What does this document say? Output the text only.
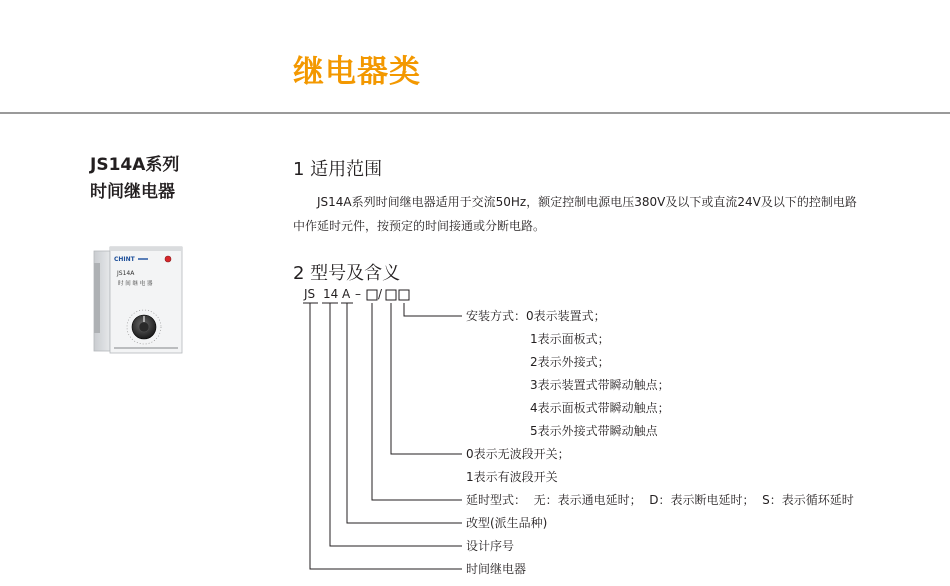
继电器类
JS14A系列
时间继电器
CHINT
JS14A
时 间 继 电 器
1 适用范围
JS14A系列时间继电器适用于交流50Hz，额定控制电源电压380V及以下或直流24V及以下的控制电路
中作延时元件，按预定的时间接通或分断电路。
2 型号及含义
JS 14 A – /
安装方式：0表示装置式；
1表示面板式；
2表示外接式；
3表示装置式带瞬动触点；
4表示面板式带瞬动触点；
5表示外接式带瞬动触点
0表示无波段开关；
1表示有波段开关
延时型式：  无：表示通电延时；  D：表示断电延时；  S：表示循环延时
改型(派生品种)
设计序号
时间继电器
